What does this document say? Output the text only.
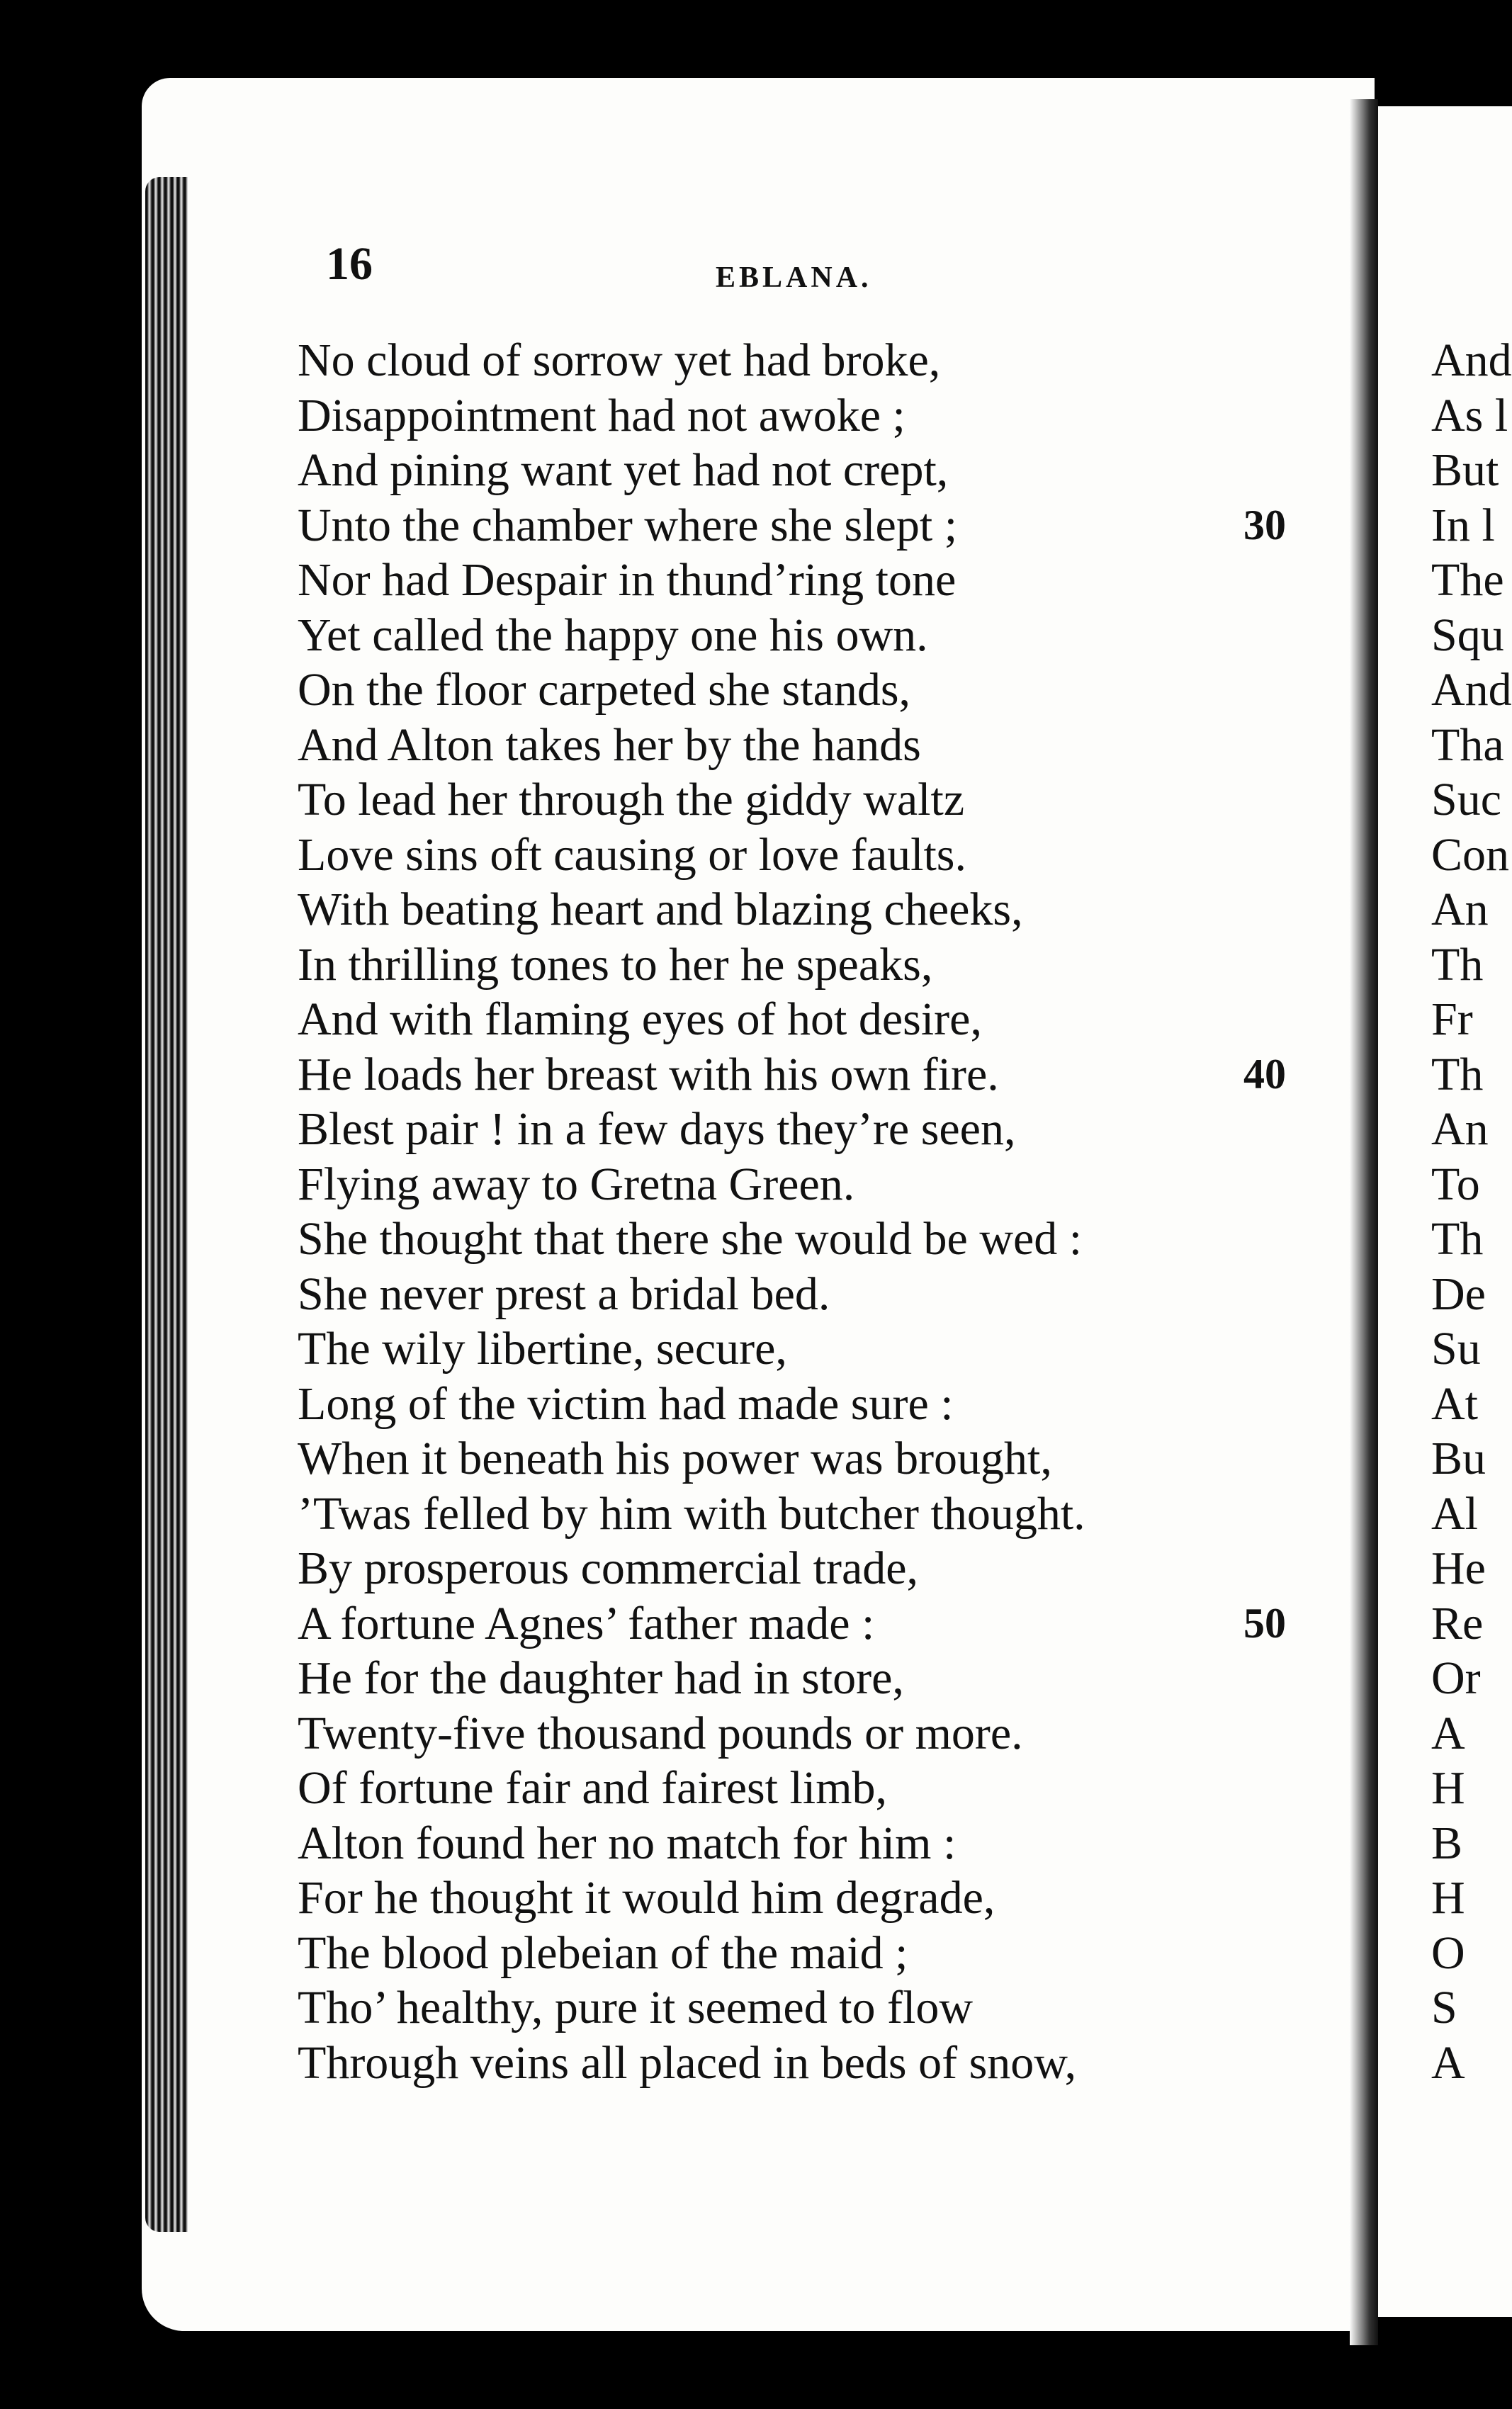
16	EBLANA.
No cloud of sorrow yet had broke,
Disappointment had not awoke ;
And pining want yet had not crept,
Unto the chamber where she slept ;
Nor had Despair in thund’ring tone
Yet called the happy one his own.
On the floor carpeted she stands,
And Alton takes her by the hands
To lead her through the giddy waltz
Love sins oft causing or love faults.
With beating heart and blazing cheeks,
In thrilling tones to her he speaks,
And with flaming eyes of hot desire,
He loads her breast with his own fire.
Blest pair ! in a few days they’re seen,
Flying away to Gretna Green.
She thought that there she would be wed :
She never prest a bridal bed.
The wily libertine, secure,
Long of the victim had made sure :
When it beneath his power was brought,
’Twas felled by him with butcher thought.
By prosperous commercial trade,
A fortune Agnes’ father made :
He for the daughter had in store,
Twenty-five thousand pounds or more.
Of fortune fair and fairest limb,
Alton found her no match for him :
For he thought it would him degrade,
The blood plebeian of the maid ;
Tho’ healthy, pure it seemed to flow
Through veins all placed in beds of snow,
30
40
50
And
As l
But
In l
The
Squ
And
Tha
Suc
Con
An
Th
Fr
Th
An
To
Th
De
Su
At
Bu
Al
He
Re
Or
A
H
B
H
O
S
A
